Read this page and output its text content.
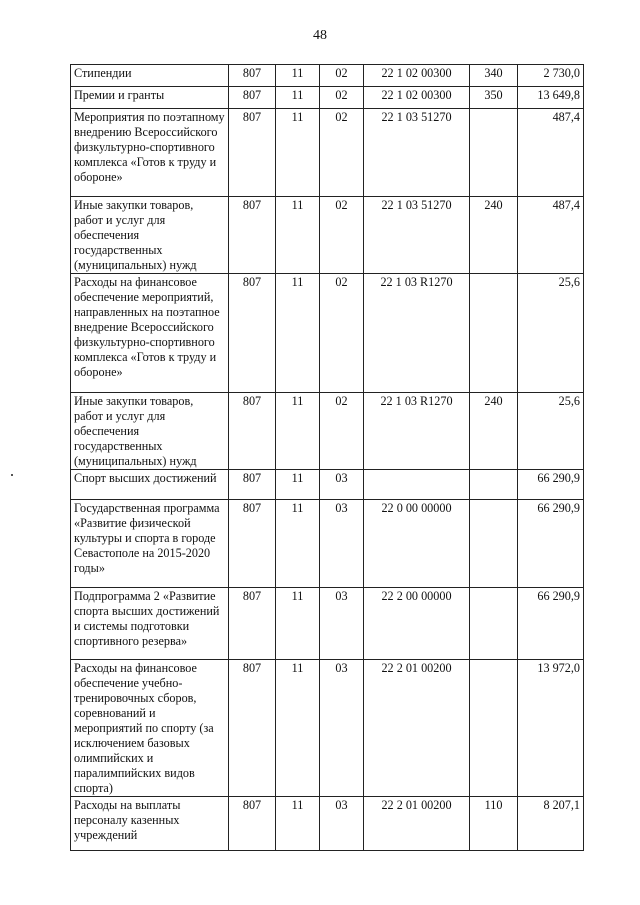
48
Стипендии	807	11	02	22 1 02 00300	340	2 730,0
Премии и гранты	807	11	02	22 1 02 00300	350	13 649,8
Мероприятия по поэтапному внедрению Всероссийского физкультурно-спортивного комплекса «Готов к труду и обороне»	807	11	02	22 1 03 51270		487,4
Иные закупки товаров, работ и услуг для обеспечения государственных (муниципальных) нужд	807	11	02	22 1 03 51270	240	487,4
Расходы на финансовое обеспечение мероприятий, направленных на поэтапное внедрение Всероссийского физкультурно-спортивного комплекса «Готов к труду и обороне»	807	11	02	22 1 03 R1270		25,6
Иные закупки товаров, работ и услуг для обеспечения государственных (муниципальных) нужд	807	11	02	22 1 03 R1270	240	25,6
Спорт высших достижений	807	11	03			66 290,9
Государственная программа «Развитие физической культуры и спорта в городе Севастополе на 2015-2020 годы»	807	11	03	22 0 00 00000		66 290,9
Подпрограмма 2 «Развитие спорта высших достижений и системы подготовки спортивного резерва»	807	11	03	22 2 00 00000		66 290,9
Расходы на финансовое обеспечение учебно-тренировочных сборов, соревнований и мероприятий по спорту (за исключением базовых олимпийских и паралимпийских видов спорта)	807	11	03	22 2 01 00200		13 972,0
Расходы на выплаты персоналу казенных учреждений	807	11	03	22 2 01 00200	110	8 207,1
